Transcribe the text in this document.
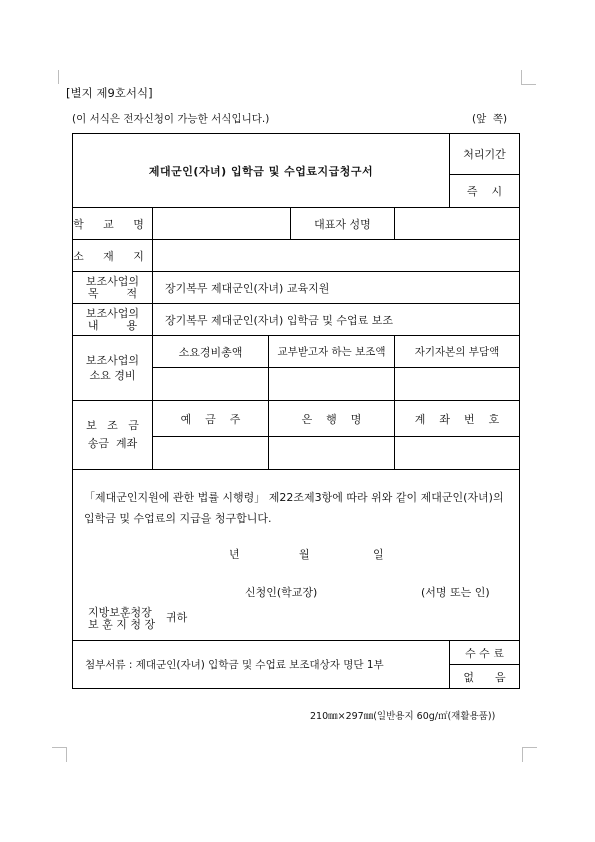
[별지 제9호서식]
(이 서식은 전자신청이 가능한 서식입니다.)	(앞  쪽)
제대군인(자녀) 입학금 및 수업료지급청구서					처리기간
					즉    시
학 교 명			대표자 성명		
소 재 지					

보조사업의
목        적	장기복무 제대군인(자녀) 교육지원				

보조사업의
내        용	장기복무 제대군인(자녀) 입학금 및 수업료 보조				

보조사업의
소요 경비	소요경비총액	교부받고자 하는 보조액		자기자본의 부담액	

보   조   금
송금  계좌	예    금    주	은    행    명		계    좌    번    호	

첨부서류 : 제대군인(자녀) 입학금 및 수업료 보조대상자 명단 1부					수 수 료
					없      음
「제대군인지원에 관한 법률 시행령」 제22조제3항에 따라 위와 같이 제대군인(자녀)의 입학금 및 수업료의 지급을 청구합니다.
년	월	일
신청인(학교장)	(서명 또는 인)
지방보훈청장
보 훈 지 청 장
귀하
210㎜×297㎜(일반용지 60g/㎡(재활용품))
